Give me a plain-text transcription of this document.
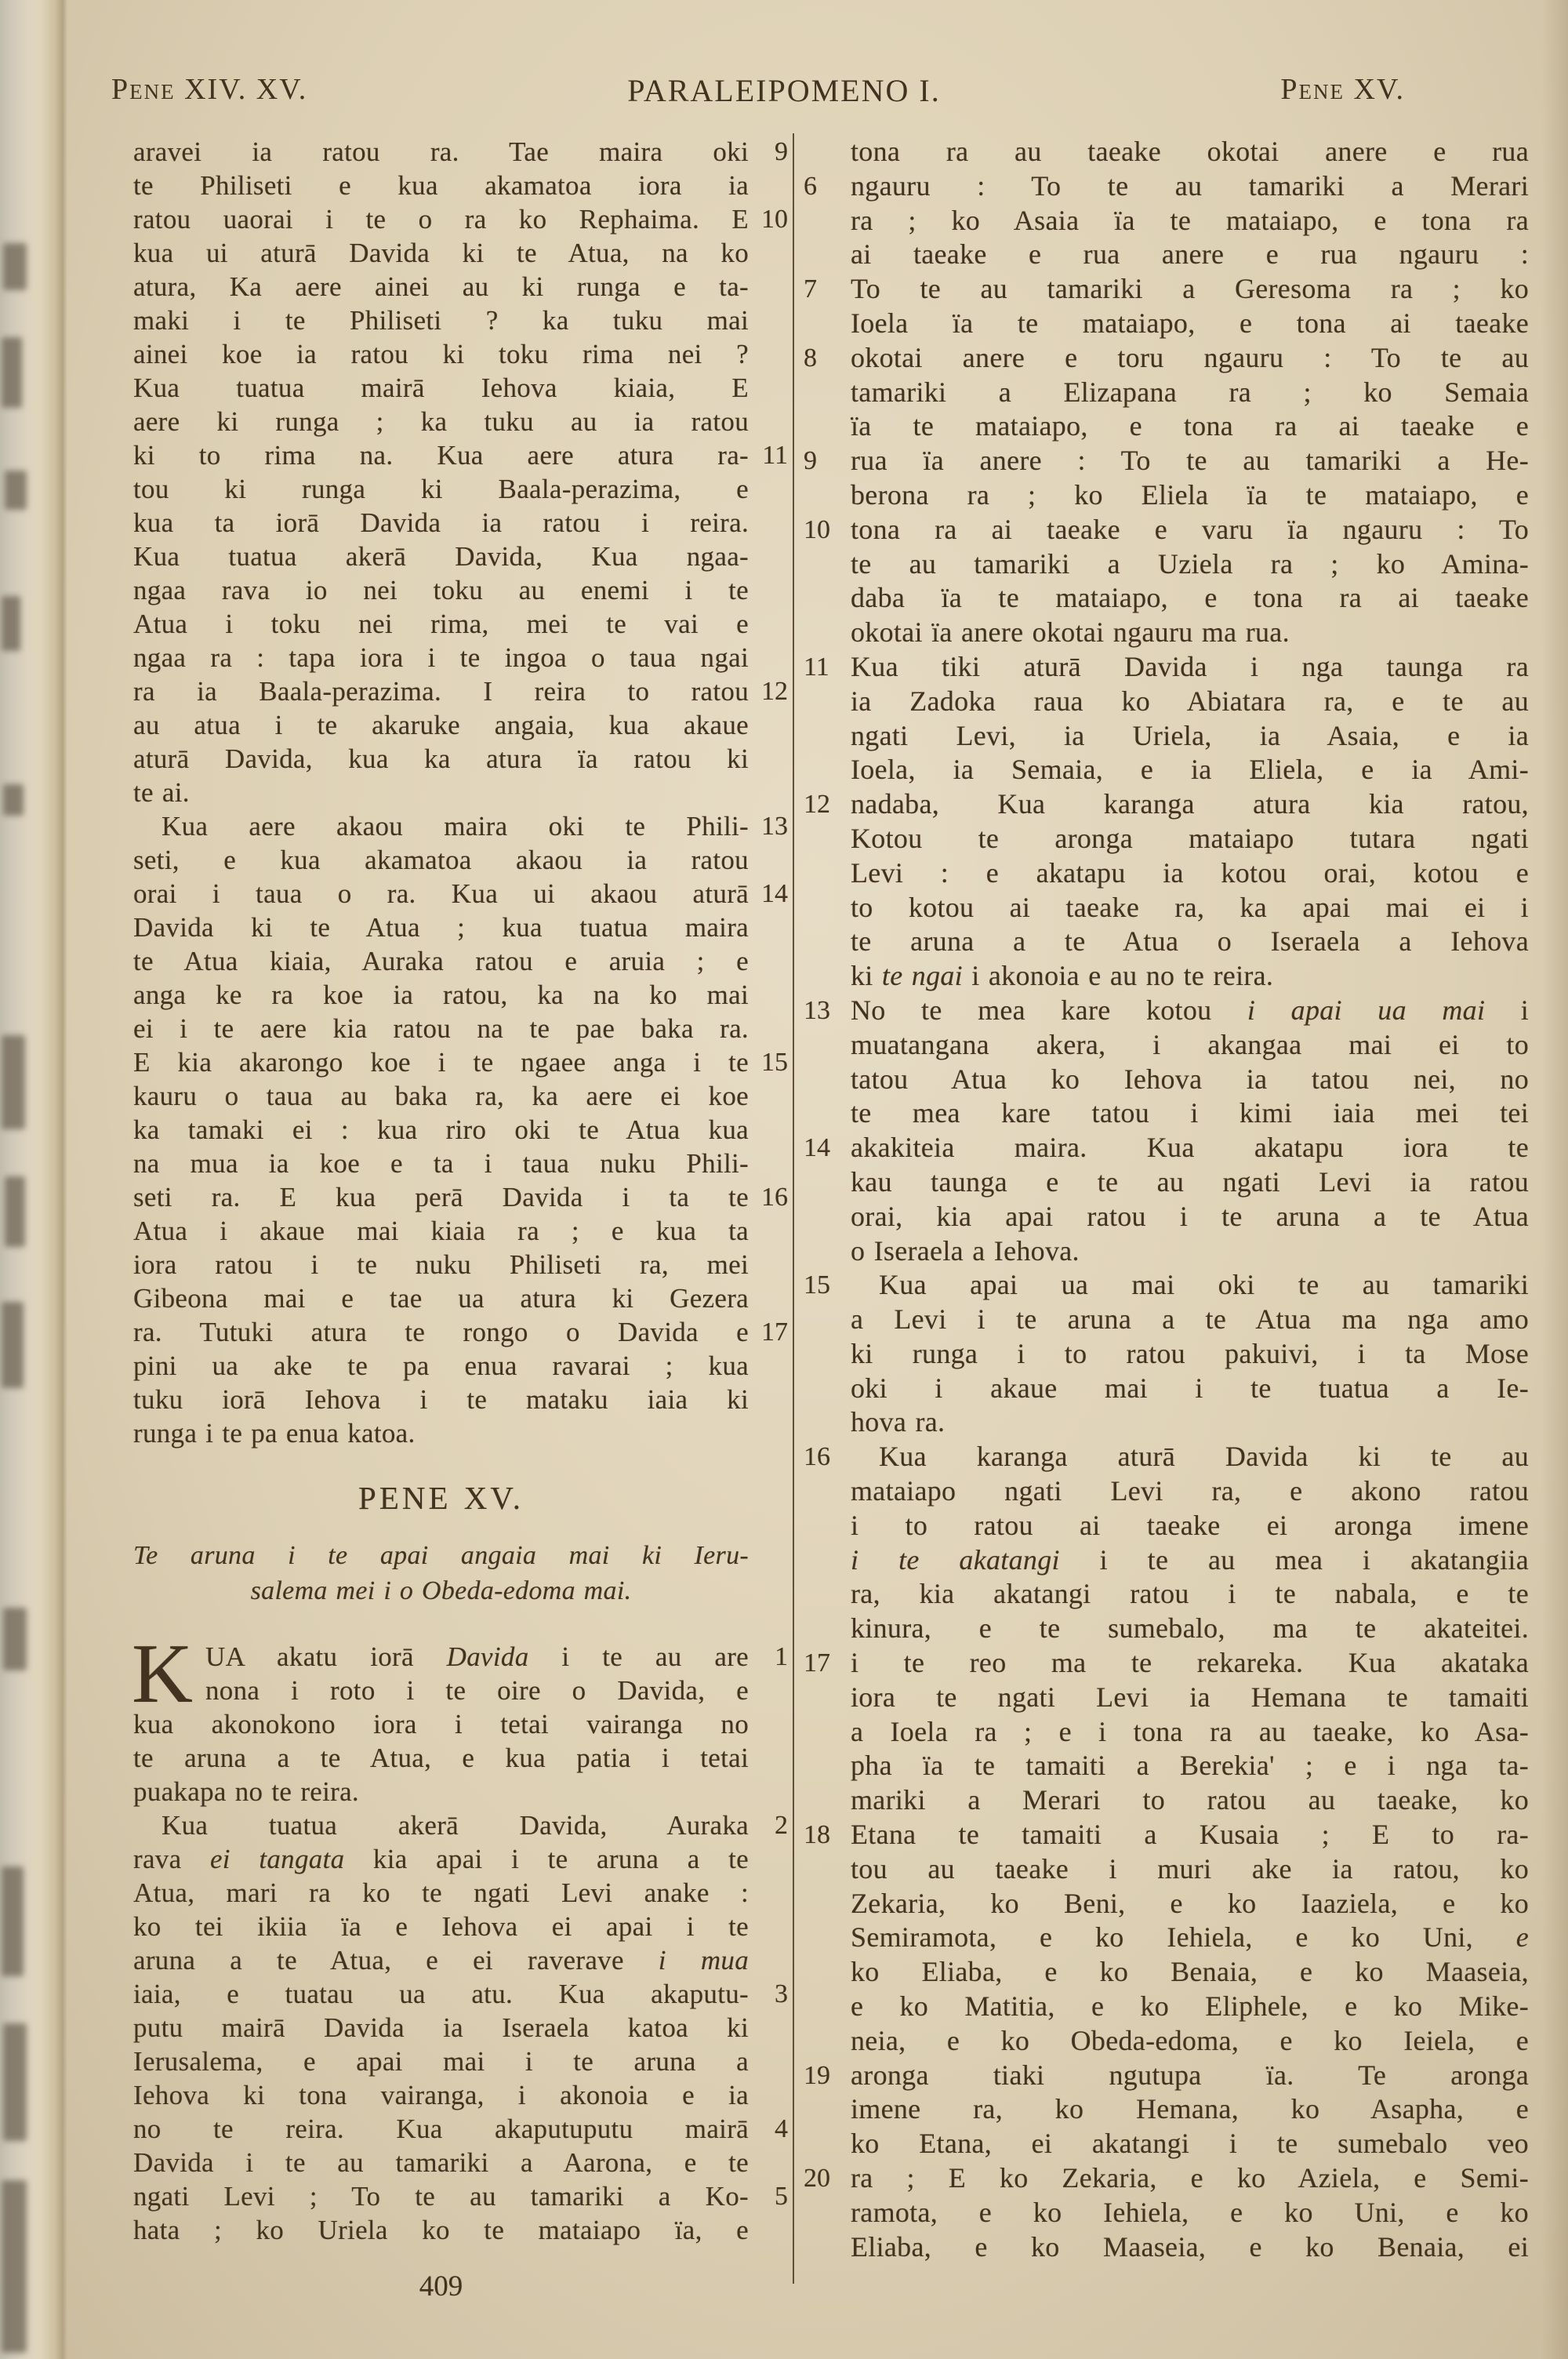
Pene XIV. XV.	PARALEIPOMENO I.	Pene XV.
aravei ia ratou ra. Tae maira oki 9
te Philiseti e kua akamatoa iora ia
ratou uaorai i te o ra ko Rephaima. E 10
kua ui aturā Davida ki te Atua, na ko
atura, Ka aere ainei au ki runga e ta-
maki i te Philiseti ? ka tuku mai
ainei koe ia ratou ki toku rima nei ?
Kua tuatua mairā Iehova kiaia, E
aere ki runga ; ka tuku au ia ratou
ki to rima na. Kua aere atura ra- 11
tou ki runga ki Baala-perazima, e
kua ta iorā Davida ia ratou i reira.
Kua tuatua akerā Davida, Kua ngaa-
ngaa rava io nei toku au enemi i te
Atua i toku nei rima, mei te vai e
ngaa ra : tapa iora i te ingoa o taua ngai
ra ia Baala-perazima. I reira to ratou 12
au atua i te akaruke angaia, kua akaue
aturā Davida, kua ka atura ïa ratou ki
te ai.
Kua aere akaou maira oki te Phili- 13
seti, e kua akamatoa akaou ia ratou
orai i taua o ra. Kua ui akaou aturā 14
Davida ki te Atua ; kua tuatua maira
te Atua kiaia, Auraka ratou e aruia ; e
anga ke ra koe ia ratou, ka na ko mai
ei i te aere kia ratou na te pae baka ra.
E kia akarongo koe i te ngaee anga i te 15
kauru o taua au baka ra, ka aere ei koe
ka tamaki ei : kua riro oki te Atua kua
na mua ia koe e ta i taua nuku Phili-
seti ra. E kua perā Davida i ta te 16
Atua i akaue mai kiaia ra ; e kua ta
iora ratou i te nuku Philiseti ra, mei
Gibeona mai e tae ua atura ki Gezera
ra. Tutuki atura te rongo o Davida e 17
pini ua ake te pa enua ravarai ; kua
tuku iorā Iehova i te mataku iaia ki
runga i te pa enua katoa.
PENE XV.
Te aruna i te apai angaia mai ki Ieru-
salema mei i o Obeda-edoma mai.
UA akatu iorā Davida i te au are
K	1
nona i roto i te oire o Davida, e
kua akonokono iora i tetai vairanga no
te aruna a te Atua, e kua patia i tetai
puakapa no te reira.
Kua tuatua akerā Davida, Auraka 2
rava ei tangata kia apai i te aruna a te
Atua, mari ra ko te ngati Levi anake :
ko tei ikiia ïa e Iehova ei apai i te
aruna a te Atua, e ei raverave i mua
iaia, e tuatau ua atu. Kua akaputu- 3
putu mairā Davida ia Iseraela katoa ki
Ierusalema, e apai mai i te aruna a
Iehova ki tona vairanga, i akonoia e ia
no te reira. Kua akaputuputu mairā 4
Davida i te au tamariki a Aarona, e te
ngati Levi ; To te au tamariki a Ko- 5
hata ; ko Uriela ko te mataiapo ïa, e
tona ra au taeake okotai anere e rua
ngauru : To te au tamariki a Merari
6
ra ; ko Asaia ïa te mataiapo, e tona ra
ai taeake e rua anere e rua ngauru :
To te au tamariki a Geresoma ra ; ko
7
Ioela ïa te mataiapo, e tona ai taeake
okotai anere e toru ngauru : To te au
8
tamariki a Elizapana ra ; ko Semaia
ïa te mataiapo, e tona ra ai taeake e
rua ïa anere : To te au tamariki a He-
9
berona ra ; ko Eliela ïa te mataiapo, e
tona ra ai taeake e varu ïa ngauru : To
10
te au tamariki a Uziela ra ; ko Amina-
daba ïa te mataiapo, e tona ra ai taeake
okotai ïa anere okotai ngauru ma rua.
Kua tiki aturā Davida i nga taunga ra
11
ia Zadoka raua ko Abiatara ra, e te au
ngati Levi, ia Uriela, ia Asaia, e ia
Ioela, ia Semaia, e ia Eliela, e ia Ami-
nadaba, Kua karanga atura kia ratou,
12
Kotou te aronga mataiapo tutara ngati
Levi : e akatapu ia kotou orai, kotou e
to kotou ai taeake ra, ka apai mai ei i
te aruna a te Atua o Iseraela a Iehova
ki te ngai i akonoia e au no te reira.
No te mea kare kotou i apai ua mai i
13
muatangana akera, i akangaa mai ei to
tatou Atua ko Iehova ia tatou nei, no
te mea kare tatou i kimi iaia mei tei
akakiteia maira. Kua akatapu iora te
14
kau taunga e te au ngati Levi ia ratou
orai, kia apai ratou i te aruna a te Atua
o Iseraela a Iehova.
Kua apai ua mai oki te au tamariki
15
a Levi i te aruna a te Atua ma nga amo
ki runga i to ratou pakuivi, i ta Mose
oki i akaue mai i te tuatua a Ie-
hova ra.
Kua karanga aturā Davida ki te au
16
mataiapo ngati Levi ra, e akono ratou
i to ratou ai taeake ei aronga imene
i te akatangi i te au mea i akatangiia
ra, kia akatangi ratou i te nabala, e te
kinura, e te sumebalo, ma te akateitei.
i te reo ma te rekareka. Kua akataka
17
iora te ngati Levi ia Hemana te tamaiti
a Ioela ra ; e i tona ra au taeake, ko Asa-
pha ïa te tamaiti a Berekia' ; e i nga ta-
mariki a Merari to ratou au taeake, ko
Etana te tamaiti a Kusaia ; E to ra-
18
tou au taeake i muri ake ia ratou, ko
Zekaria, ko Beni, e ko Iaaziela, e ko
Semiramota, e ko Iehiela, e ko Uni, e
ko Eliaba, e ko Benaia, e ko Maaseia,
e ko Matitia, e ko Eliphele, e ko Mike-
neia, e ko Obeda-edoma, e ko Ieiela, e
aronga tiaki ngutupa ïa. Te aronga
19
imene ra, ko Hemana, ko Asapha, e
ko Etana, ei akatangi i te sumebalo veo
ra ; E ko Zekaria, e ko Aziela, e Semi-
20
ramota, e ko Iehiela, e ko Uni, e ko
Eliaba, e ko Maaseia, e ko Benaia, ei
409
